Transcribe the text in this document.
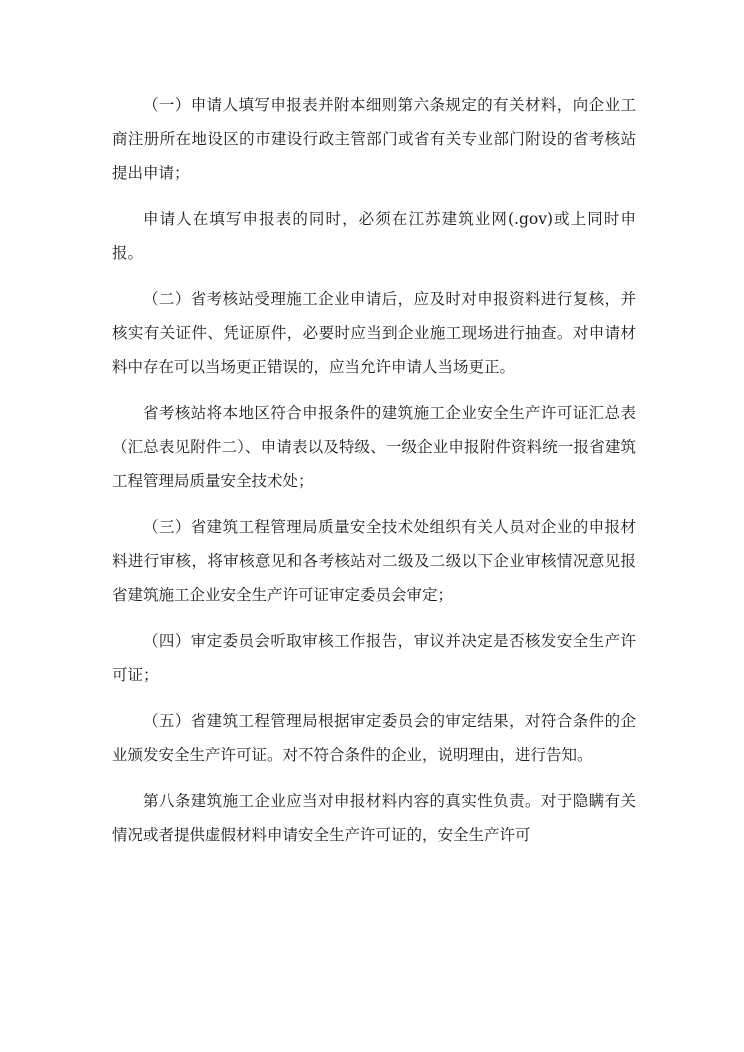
（一）申请人填写申报表并附本细则第六条规定的有关材料，向企业工商注册所在地设区的市建设行政主管部门或省有关专业部门附设的省考核站提出申请；

申请人在填写申报表的同时，必须在江苏建筑业网(.gov)或上同时申报。

（二）省考核站受理施工企业申请后，应及时对申报资料进行复核，并核实有关证件、凭证原件，必要时应当到企业施工现场进行抽查。对申请材料中存在可以当场更正错误的，应当允许申请人当场更正。

省考核站将本地区符合申报条件的建筑施工企业安全生产许可证汇总表（汇总表见附件二）、申请表以及特级、一级企业申报附件资料统一报省建筑工程管理局质量安全技术处；

（三）省建筑工程管理局质量安全技术处组织有关人员对企业的申报材料进行审核，将审核意见和各考核站对二级及二级以下企业审核情况意见报省建筑施工企业安全生产许可证审定委员会审定；

（四）审定委员会听取审核工作报告，审议并决定是否核发安全生产许可证；

（五）省建筑工程管理局根据审定委员会的审定结果，对符合条件的企业颁发安全生产许可证。对不符合条件的企业，说明理由，进行告知。

第八条建筑施工企业应当对申报材料内容的真实性负责。对于隐瞒有关情况或者提供虚假材料申请安全生产许可证的，安全生产许可
